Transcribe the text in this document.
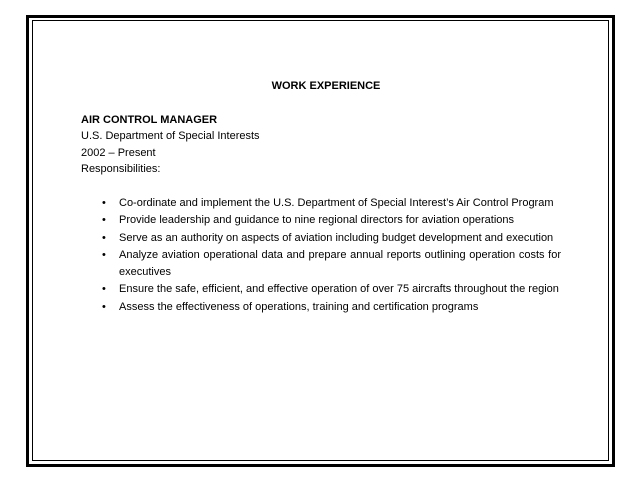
WORK EXPERIENCE

AIR CONTROL MANAGER

U.S. Department of Special Interests

2002 – Present

Responsibilities:

• Co-ordinate and implement the U.S. Department of Special Interest’s Air Control Program
• Provide leadership and guidance to nine regional directors for aviation operations
• Serve as an authority on aspects of aviation including budget development and execution
• Analyze aviation operational data and prepare annual reports outlining operation costs for executives
• Ensure the safe, efficient, and effective operation of over 75 aircrafts throughout the region
• Assess the effectiveness of operations, training and certification programs
